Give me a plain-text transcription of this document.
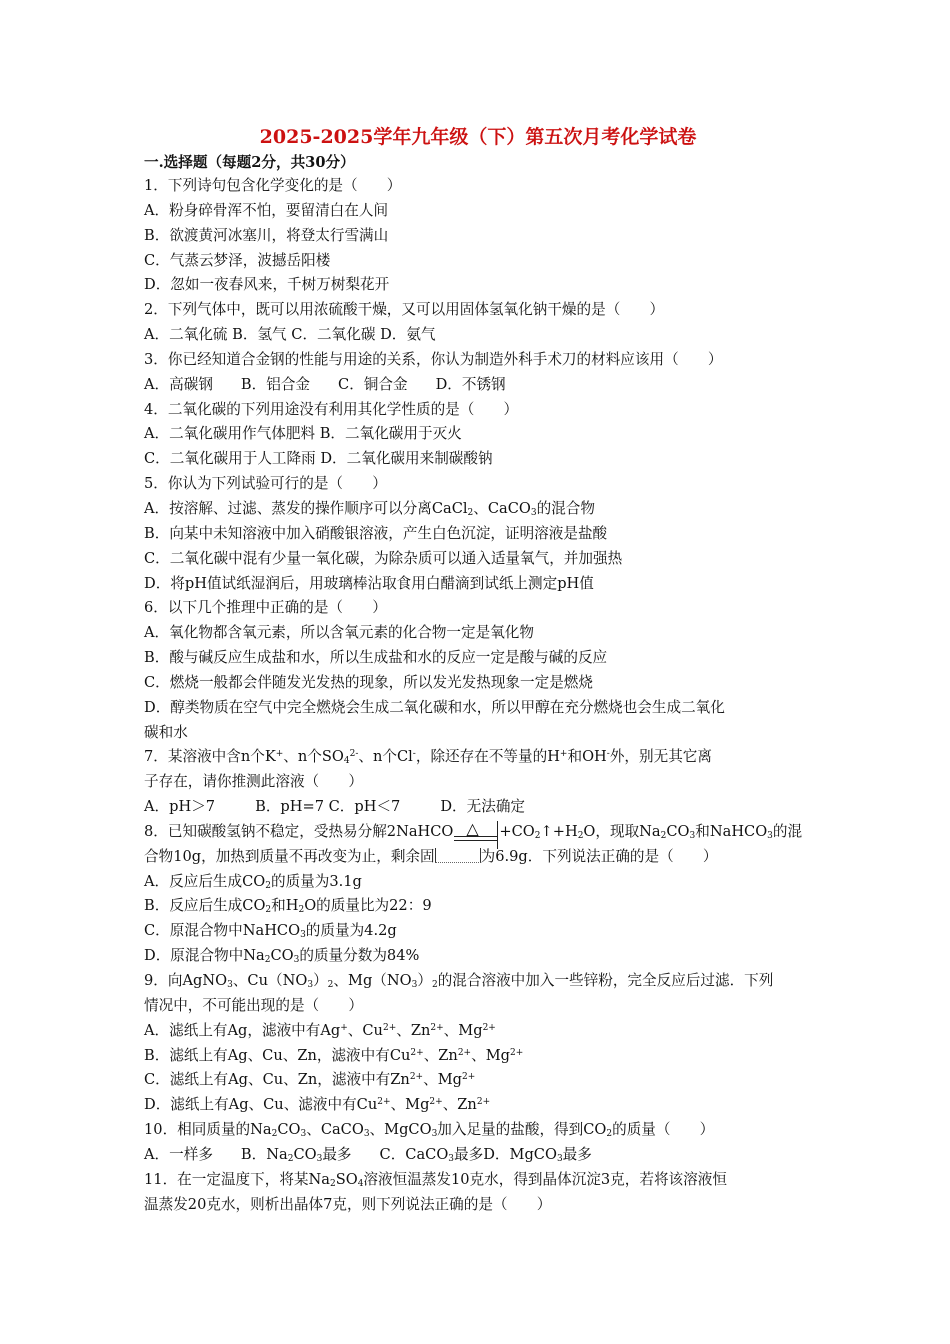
2025-2025学年九年级（下）第五次月考化学试卷
一.选择题（每题2分，共30分）
1．下列诗句包含化学变化的是（　　）
A．粉身碎骨浑不怕，要留清白在人间
B．欲渡黄河冰塞川，将登太行雪满山
C．气蒸云梦泽，波撼岳阳楼
D．忽如一夜春风来，千树万树梨花开
2．下列气体中，既可以用浓硫酸干燥，又可以用固体氢氧化钠干燥的是（　　）
A．二氧化硫 B．氢气 C．二氧化碳 D．氨气
3．你已经知道合金钢的性能与用途的关系，你认为制造外科手术刀的材料应该用（　　）
A．高碳钢 B．铝合金 C．铜合金 D．不锈钢
4．二氧化碳的下列用途没有利用其化学性质的是（　　）
A．二氧化碳用作气体肥料 B．二氧化碳用于灭火
C．二氧化碳用于人工降雨 D．二氧化碳用来制碳酸钠
5．你认为下列试验可行的是（　　）
A．按溶解、过滤、蒸发的操作顺序可以分离CaCl$_2$、CaCO$_3$的混合物
B．向某中未知溶液中加入硝酸银溶液，产生白色沉淀，证明溶液是盐酸
C．二氧化碳中混有少量一氧化碳，为除杂质可以通入适量氧气，并加强热
D．将pH值试纸湿润后，用玻璃棒沾取食用白醋滴到试纸上测定pH值
6．以下几个推理中正确的是（　　）
A．氧化物都含氧元素，所以含氧元素的化合物一定是氧化物
B．酸与碱反应生成盐和水，所以生成盐和水的反应一定是酸与碱的反应
C．燃烧一般都会伴随发光发热的现象，所以发光发热现象一定是燃烧
D．醇类物质在空气中完全燃烧会生成二氧化碳和水，所以甲醇在充分燃烧也会生成二氧化
碳和水
7．某溶液中含n个K+、n个$SO_4^{2-}$、n个Cl-，除还存在不等量的H+和OH-外，别无其它离
子存在，请你推测此溶液（　　）
A．pH＞7	B．pH=7 C．pH＜7	D．无法确定
8．已知碳酸氢钠不稳定，受热易分解2NaHCO △ $+CO_2↑+H_2O$，现取$Na_2CO_3$和NaHCO$_3$的混
合物10g，加热到质量不再改变为止，剩余固	为6.9g．下列说法正确的是（　　）
A．反应后生成$CO_2$的质量为3.1g
B．反应后生成$CO_2$和$H_2O$的质量比为22：9
C．原混合物中NaHCO$_3$的质量为4.2g
D．原混合物中$Na_2CO_3$的质量分数为84%
9．向AgNO$_3$、$Cu(NO_3)_2$、$Mg(NO_3)_2$的混合溶液中加入一些锌粉，完全反应后过滤．下列
情况中，不可能出现的是（　　）
A．滤纸上有Ag，滤液中有Ag+、$Cu^{2+}$、$Zn^{2+}$、$Mg^{2+}$
B．滤纸上有Ag、Cu、Zn，滤液中有$Cu^{2+}$、$Zn^{2+}$、$Mg^{2+}$
C．滤纸上有Ag、Cu、Zn，滤液中有$Zn^{2+}$、$Mg^{2+}$
D．滤纸上有Ag、Cu、滤液中有$Cu^{2+}$、$Mg^{2+}$、$Zn^{2+}$
10．相同质量的$Na_2CO_3$、CaCO$_3$、MgCO$_3$加入足量的盐酸，得到$CO_2$的质量（　　）
A．一样多 B．$Na_2CO_3$最多 C．CaCO$_3$最多D．MgCO$_3$最多
11．在一定温度下，将某$Na_2SO_4$溶液恒温蒸发10克水，得到晶体沉淀3克，若将该溶液恒
温蒸发20克水，则析出晶体7克，则下列说法正确的是（　　）
